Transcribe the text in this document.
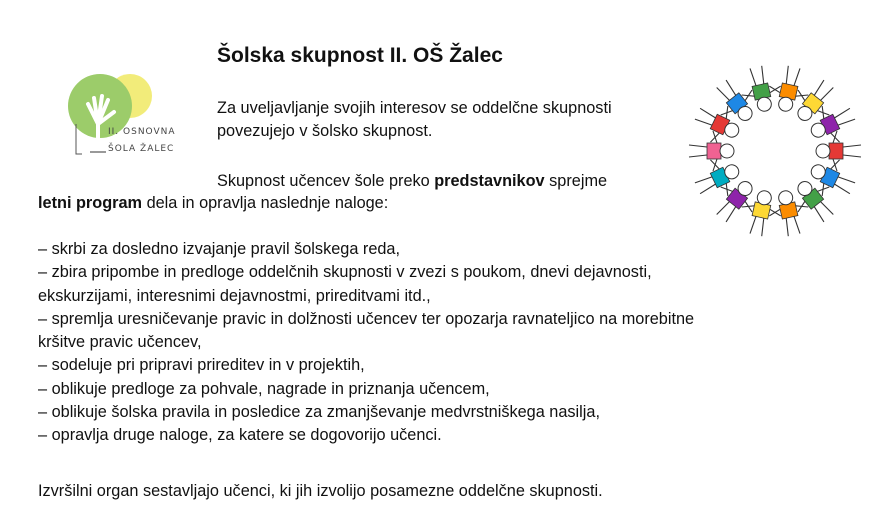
II. OSNOVNA
ŠOLA ŽALEC
Šolska skupnost II. OŠ Žalec

Za uveljavljanje svojih interesov se oddelčne skupnosti

povezujejo v šolsko skupnost.

Skupnost učencev šole preko predstavnikov sprejme

letni program dela in opravlja naslednje naloge:

– skrbi za dosledno izvajanje pravil šolskega reda,
– zbira pripombe in predloge oddelčnih skupnosti v zvezi s poukom, dnevi dejavnosti,
ekskurzijami, interesnimi dejavnostmi, prireditvami itd.,
– spremlja uresničevanje pravic in dolžnosti učencev ter opozarja ravnateljico na morebitne
kršitve pravic učencev,
– sodeluje pri pripravi prireditev in v projektih,
– oblikuje predloge za pohvale, nagrade in priznanja učencem,
– oblikuje šolska pravila in posledice za zmanjševanje medvrstniškega nasilja,
– opravlja druge naloge, za katere se dogovorijo učenci.

Izvršilni organ sestavljajo učenci, ki jih izvolijo posamezne oddelčne skupnosti.
